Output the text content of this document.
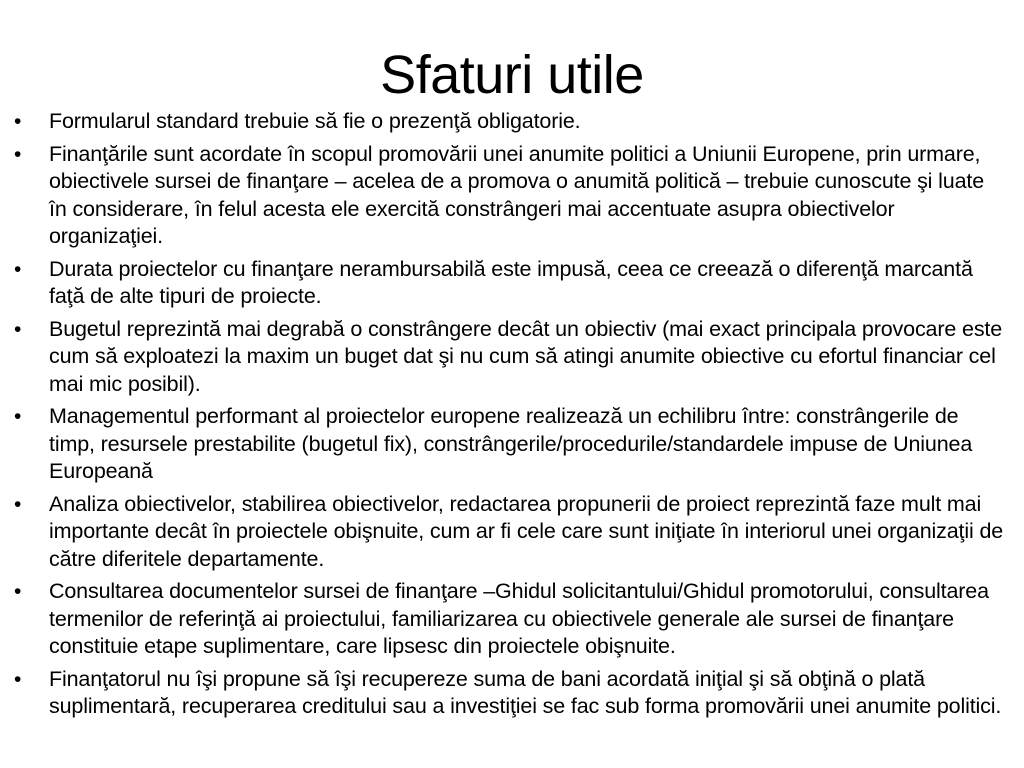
Sfaturi utile
•	Formularul standard trebuie să fie o prezenţă obligatorie.
•	Finanţările sunt acordate în scopul promovării unei anumite politici a Uniunii Europene, prin urmare, obiectivele sursei de finanţare – acelea de a promova o anumită politică – trebuie cunoscute şi luate în considerare, în felul acesta ele exercită constrângeri mai accentuate asupra obiectivelor organizaţiei.
•	Durata proiectelor cu finanţare nerambursabilă este impusă, ceea ce creează o diferenţă marcantă faţă de alte tipuri de proiecte.
•	Bugetul reprezintă mai degrabă o constrângere decât un obiectiv (mai exact principala provocare este cum să exploatezi la maxim un buget dat şi nu cum să atingi anumite obiective cu efortul financiar cel mai mic posibil).
•	Managementul performant al proiectelor europene realizează un echilibru între: constrângerile de timp, resursele prestabilite (bugetul fix), constrângerile/procedurile/standardele impuse de Uniunea Europeană
•	Analiza obiectivelor, stabilirea obiectivelor, redactarea propunerii de proiect reprezintă faze mult mai importante decât în proiectele obişnuite, cum ar fi cele care sunt iniţiate în interiorul unei organizaţii de către diferitele departamente.
•	Consultarea documentelor sursei de finanţare –Ghidul solicitantului/Ghidul promotorului, consultarea termenilor de referinţă ai proiectului, familiarizarea cu obiectivele generale ale sursei de finanţare constituie etape suplimentare, care lipsesc din proiectele obişnuite.
•	Finanţatorul nu îşi propune să îşi recupereze suma de bani acordată iniţial şi să obţină o plată suplimentară, recuperarea creditului sau a investiţiei se fac sub forma promovării unei anumite politici.
